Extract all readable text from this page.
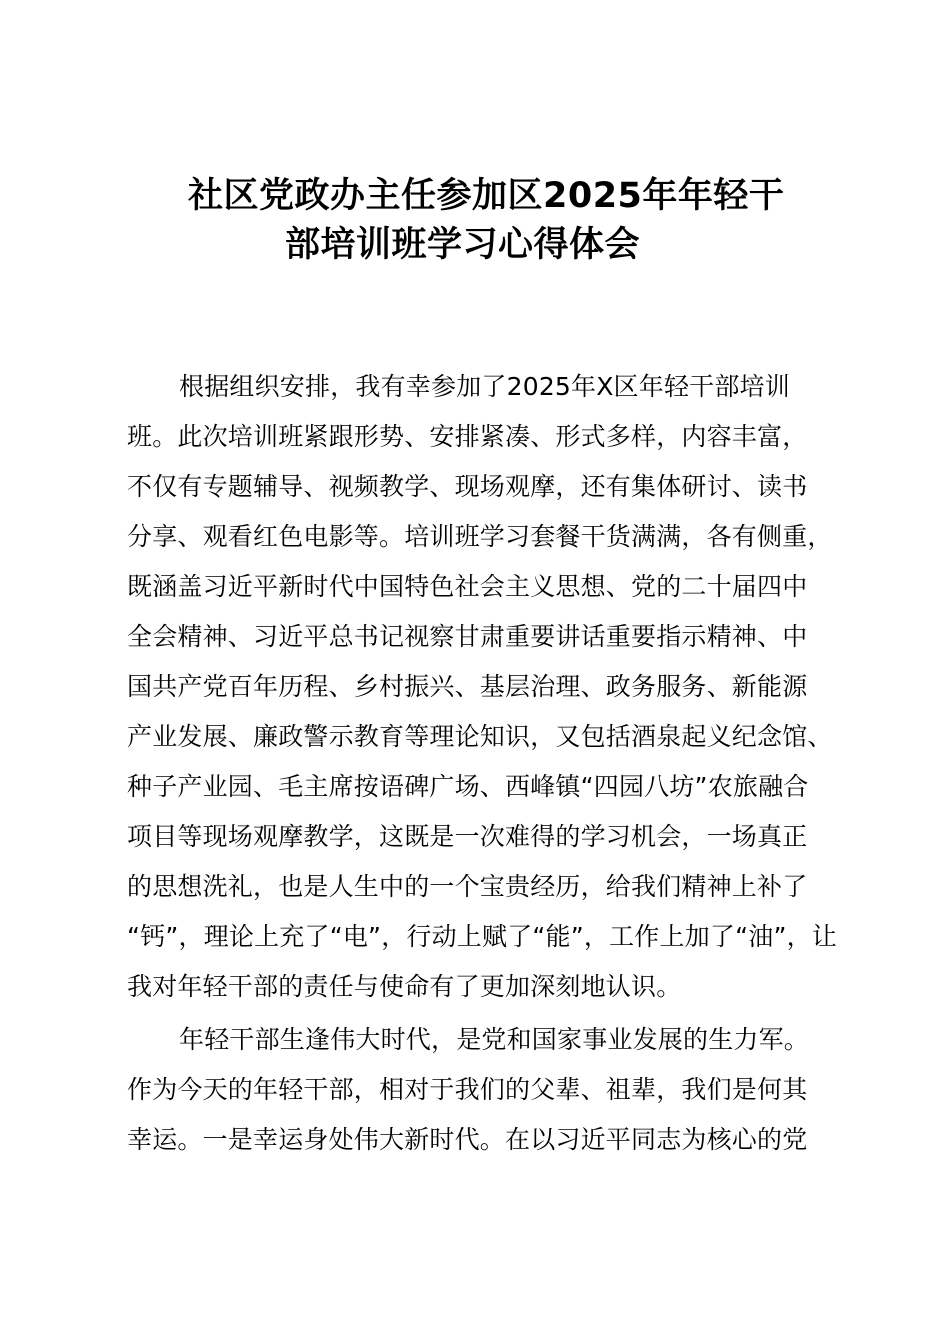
社区党政办主任参加区2025年年轻干
部培训班学习心得体会
根据组织安排，我有幸参加了2025年X区年轻干部培训
班。此次培训班紧跟形势、安排紧凑、形式多样，内容丰富，
不仅有专题辅导、视频教学、现场观摩，还有集体研讨、读书
分享、观看红色电影等。培训班学习套餐干货满满，各有侧重，
既涵盖习近平新时代中国特色社会主义思想、党的二十届四中
全会精神、习近平总书记视察甘肃重要讲话重要指示精神、中
国共产党百年历程、乡村振兴、基层治理、政务服务、新能源
产业发展、廉政警示教育等理论知识，又包括酒泉起义纪念馆、
种子产业园、毛主席按语碑广场、西峰镇“四园八坊”农旅融合
项目等现场观摩教学，这既是一次难得的学习机会，一场真正
的思想洗礼，也是人生中的一个宝贵经历，给我们精神上补了
“钙”，理论上充了“电”，行动上赋了“能”，工作上加了“油”，让
我对年轻干部的责任与使命有了更加深刻地认识。
年轻干部生逢伟大时代，是党和国家事业发展的生力军。
作为今天的年轻干部，相对于我们的父辈、祖辈，我们是何其
幸运。一是幸运身处伟大新时代。在以习近平同志为核心的党
